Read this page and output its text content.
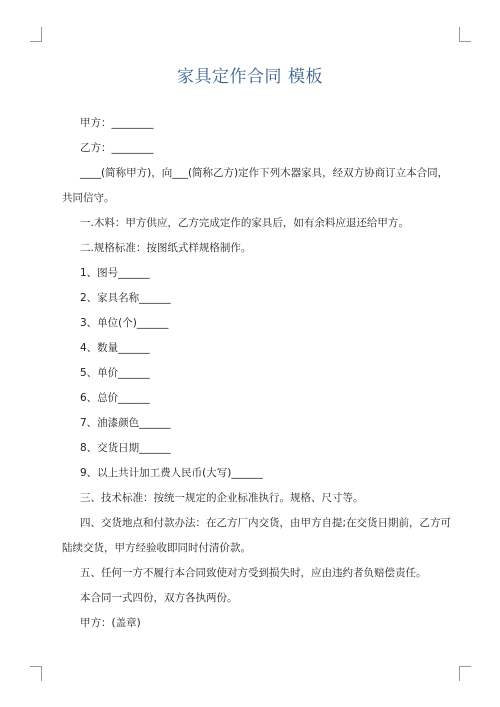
家具定作合同 模板
甲方：________
乙方：________
____(简称甲方)，向___(简称乙方)定作下列木器家具，经双方协商订立本合同，
共同信守。
一.木料：甲方供应，乙方完成定作的家具后，如有余料应退还给甲方。
二.规格标准：按图纸式样规格制作。
1、图号______
2、家具名称______
3、单位(个)______
4、数量______
5、单价______
6、总价______
7、油漆颜色______
8、交货日期______
9、以上共计加工费人民币(大写)______
三、技术标准：按统一规定的企业标准执行。规格、尺寸等。
四、交货地点和付款办法：在乙方厂内交货，由甲方自提;在交货日期前，乙方可
陆续交货，甲方经验收即同时付清价款。
五、任何一方不履行本合同致使对方受到损失时，应由违约者负赔偿责任。
本合同一式四份，双方各执两份。
甲方：(盖章)
